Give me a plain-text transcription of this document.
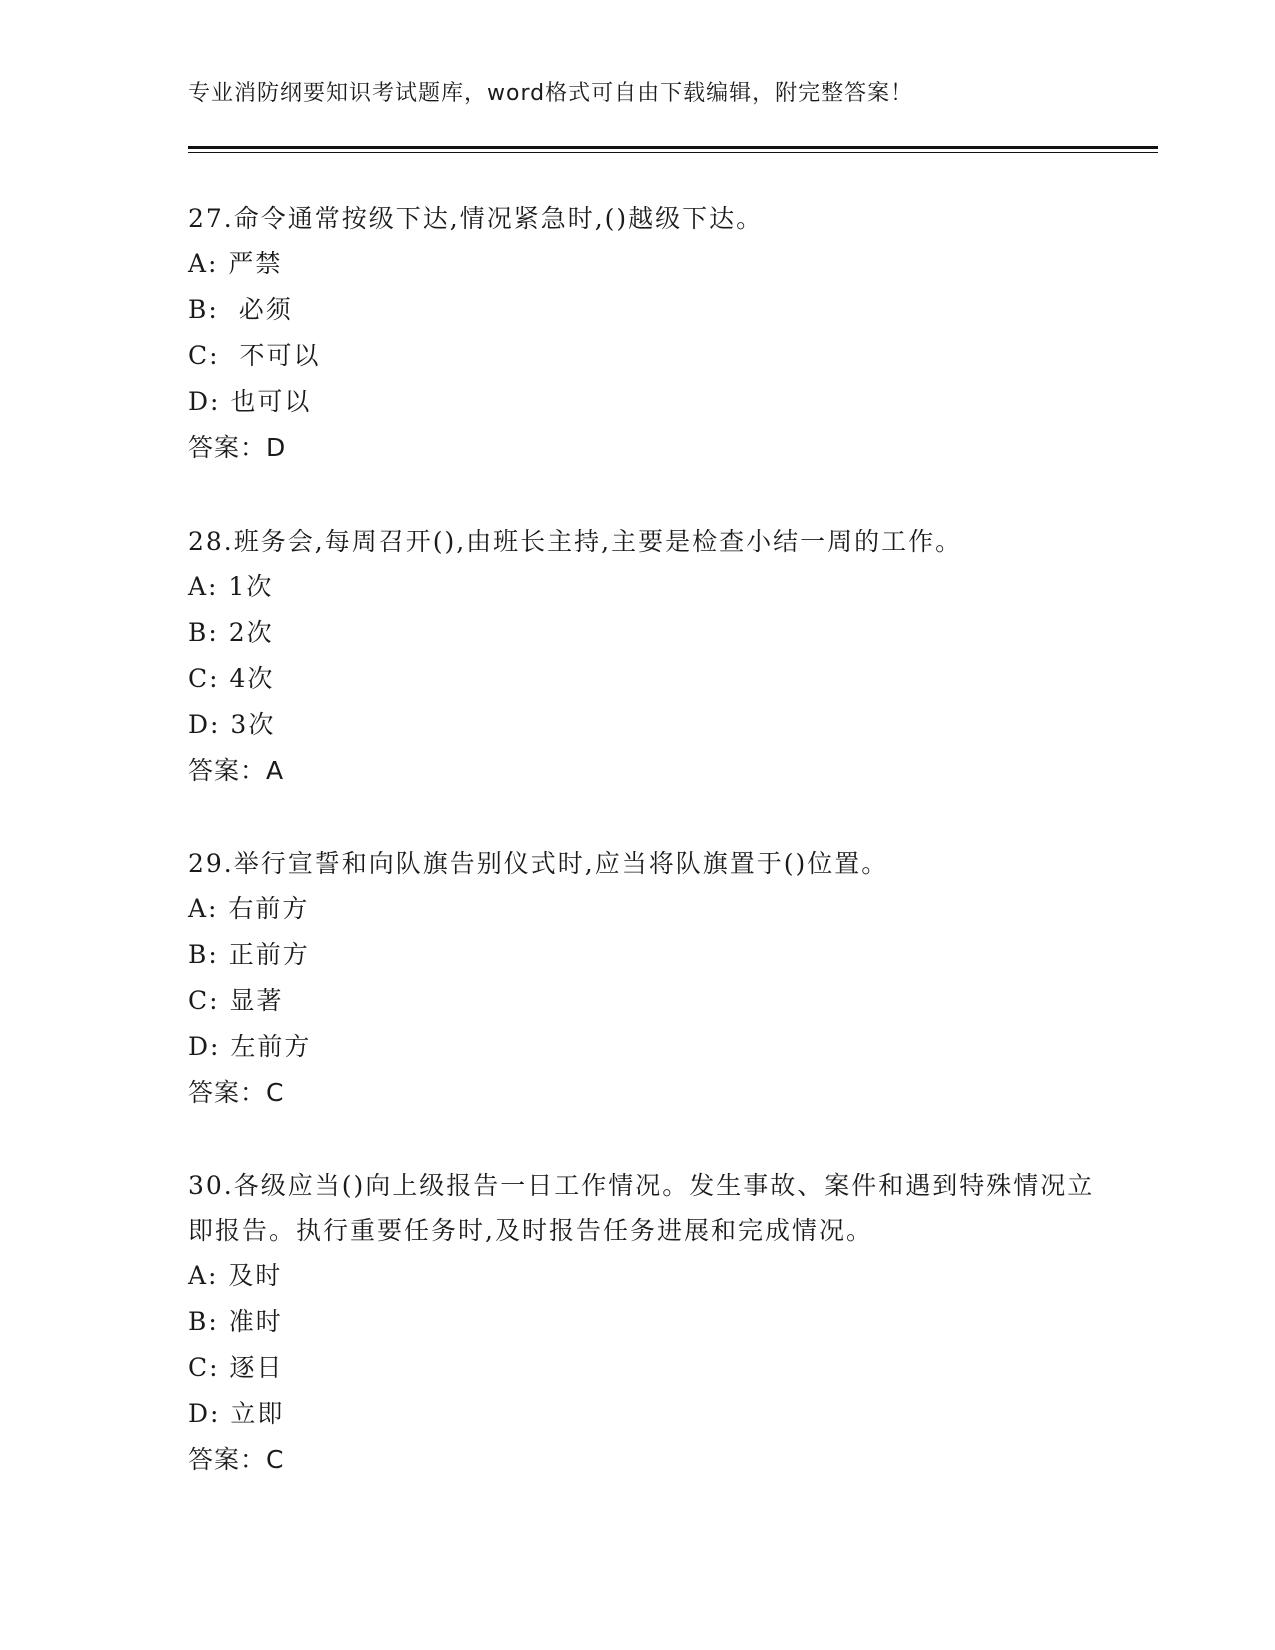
专业消防纲要知识考试题库，word格式可自由下载编辑，附完整答案！

27.命令通常按级下达,情况紧急时,()越级下达。

A: 严禁
B:  必须
C:  不可以
D: 也可以
答案：D

28.班务会,每周召开(),由班长主持,主要是检查小结一周的工作。

A: 1次
B: 2次
C: 4次
D: 3次
答案：A

29.举行宣誓和向队旗告别仪式时,应当将队旗置于()位置。

A: 右前方
B: 正前方
C: 显著
D: 左前方
答案：C

30.各级应当()向上级报告一日工作情况。发生事故、案件和遇到特殊情况立即报告。执行重要任务时,及时报告任务进展和完成情况。

A: 及时
B: 准时
C: 逐日
D: 立即
答案：C
